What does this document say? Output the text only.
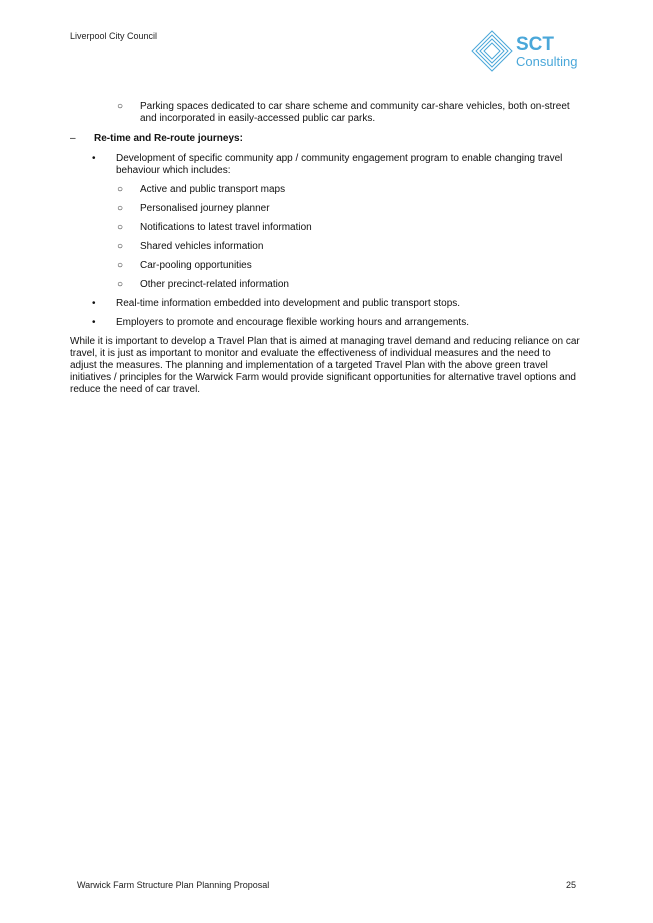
Liverpool City Council	SCT
Consulting
○ Parking spaces dedicated to car share scheme and community car-share vehicles, both on-street and incorporated in easily-accessed public car parks.
– Re-time and Re-route journeys:
• Development of specific community app / community engagement program to enable changing travel behaviour which includes:
○ Active and public transport maps
○ Personalised journey planner
○ Notifications to latest travel information
○ Shared vehicles information
○ Car-pooling opportunities
○ Other precinct-related information
• Real-time information embedded into development and public transport stops.
• Employers to promote and encourage flexible working hours and arrangements.

While it is important to develop a Travel Plan that is aimed at managing travel demand and reducing reliance on car travel, it is just as important to monitor and evaluate the effectiveness of individual measures and the need to adjust the measures. The planning and implementation of a targeted Travel Plan with the above green travel initiatives / principles for the Warwick Farm would provide significant opportunities for alternative travel options and reduce the need of car travel.

Warwick Farm Structure Plan Planning Proposal	25
